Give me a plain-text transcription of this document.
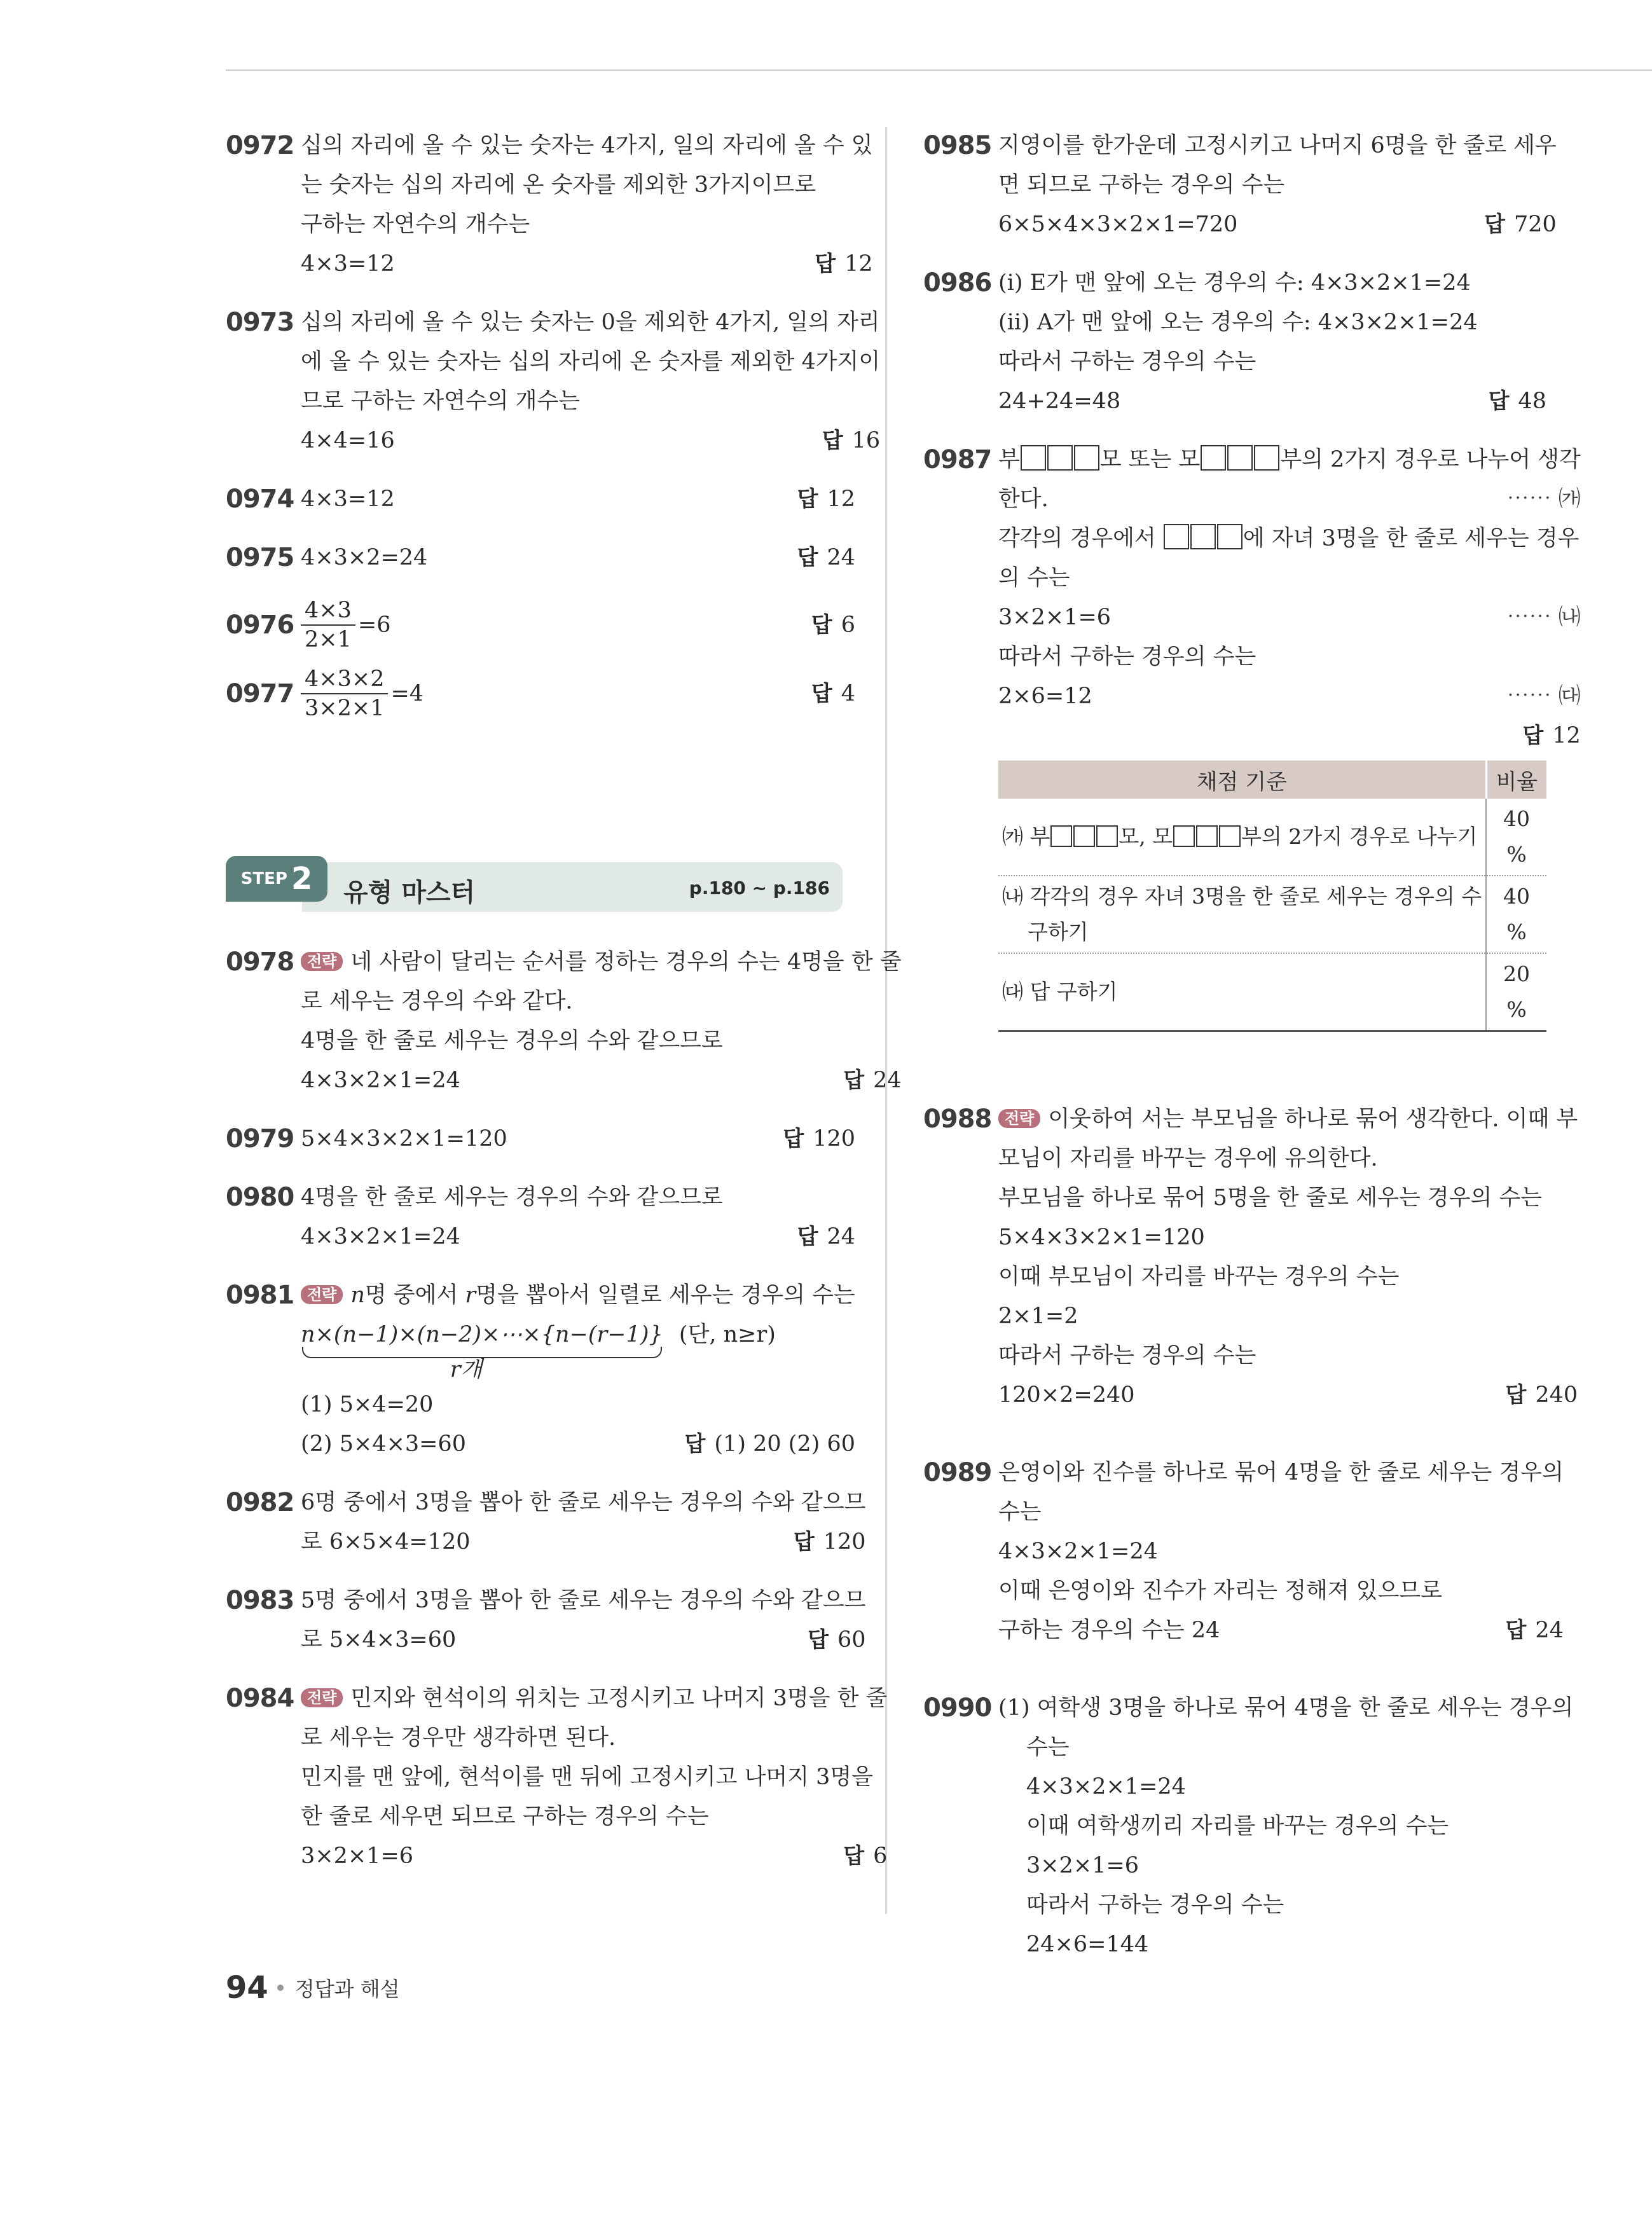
0972 십의 자리에 올 수 있는 숫자는 4가지, 일의 자리에 올 수 있
는 숫자는 십의 자리에 온 숫자를 제외한 3가지이므로
구하는 자연수의 개수는
4×3=12	답 12
0973 십의 자리에 올 수 있는 숫자는 0을 제외한 4가지, 일의 자리
에 올 수 있는 숫자는 십의 자리에 온 숫자를 제외한 4가지이
므로 구하는 자연수의 개수는
4×4=16	답 16
0974 4×3=12	답 12
0975 4×3×2=24	답 24
$0976 \frac{4\times 3}{2\times 1} =6$	답 6
$0977 \frac{4\times 3\times 2}{3\times 2\times 1} =4$	답 4
STEP 2 유형 마스터	p.180 ~ p.186
0978 전략 네 사람이 달리는 순서를 정하는 경우의 수는 4명을 한 줄
로 세우는 경우의 수와 같다.
4명을 한 줄로 세우는 경우의 수와 같으므로
4×3×2×1=24	답 24
0979 5×4×3×2×1=120	답 120
0980 4명을 한 줄로 세우는 경우의 수와 같으므로
4×3×2×1=24	답 24
0981 전략 n명 중에서 r명을 뽑아서 일렬로 세우는 경우의 수는
n×(n−1)×(n−2)×⋯×{n−(r−1)} (단, n≥r)
r개
(1) 5×4=20
(2) 5×4×3=60	답 (1) 20 (2) 60
0982 6명 중에서 3명을 뽑아 한 줄로 세우는 경우의 수와 같으므
로 6×5×4=120	답 120
0983 5명 중에서 3명을 뽑아 한 줄로 세우는 경우의 수와 같으므
로 5×4×3=60	답 60
0984 전략 민지와 현석이의 위치는 고정시키고 나머지 3명을 한 줄
로 세우는 경우만 생각하면 된다.
민지를 맨 앞에, 현석이를 맨 뒤에 고정시키고 나머지 3명을
한 줄로 세우면 되므로 구하는 경우의 수는
3×2×1=6	답 6
0985 지영이를 한가운데 고정시키고 나머지 6명을 한 줄로 세우
면 되므로 구하는 경우의 수는
6×5×4×3×2×1=720	답 720
0986 (ⅰ) E가 맨 앞에 오는 경우의 수: 4×3×2×1=24
(ⅱ) A가 맨 앞에 오는 경우의 수: 4×3×2×1=24
따라서 구하는 경우의 수는
24+24=48	답 48
0987 부	모 또는 모	부의 2가지 경우로 나누어 생각
한다.	⋯⋯ ㈎
각각의 경우에서	에 자녀 3명을 한 줄로 세우는 경우
의 수는
3×2×1=6	⋯⋯ ㈏
따라서 구하는 경우의 수는
2×6=12	⋯⋯ ㈐
답 12
채점 기준	비율
㈎ 부 모, 모 부의 2가지 경우로 나누기	40 %

㈏ 각각의 경우 자녀 3명을 한 줄로 세우는 경우의 수
구하기	40 %
㈐ 답 구하기	20 %
0988 전략 이웃하여 서는 부모님을 하나로 묶어 생각한다. 이때 부
모님이 자리를 바꾸는 경우에 유의한다.
부모님을 하나로 묶어 5명을 한 줄로 세우는 경우의 수는
5×4×3×2×1=120
이때 부모님이 자리를 바꾸는 경우의 수는
2×1=2
따라서 구하는 경우의 수는
120×2=240	답 240
0989 은영이와 진수를 하나로 묶어 4명을 한 줄로 세우는 경우의
수는
4×3×2×1=24
이때 은영이와 진수가 자리는 정해져 있으므로
구하는 경우의 수는 24	답 24
0990 (1) 여학생 3명을 하나로 묶어 4명을 한 줄로 세우는 경우의
수는
4×3×2×1=24
이때 여학생끼리 자리를 바꾸는 경우의 수는
3×2×1=6
따라서 구하는 경우의 수는
24×6=144
94 정답과 해설
